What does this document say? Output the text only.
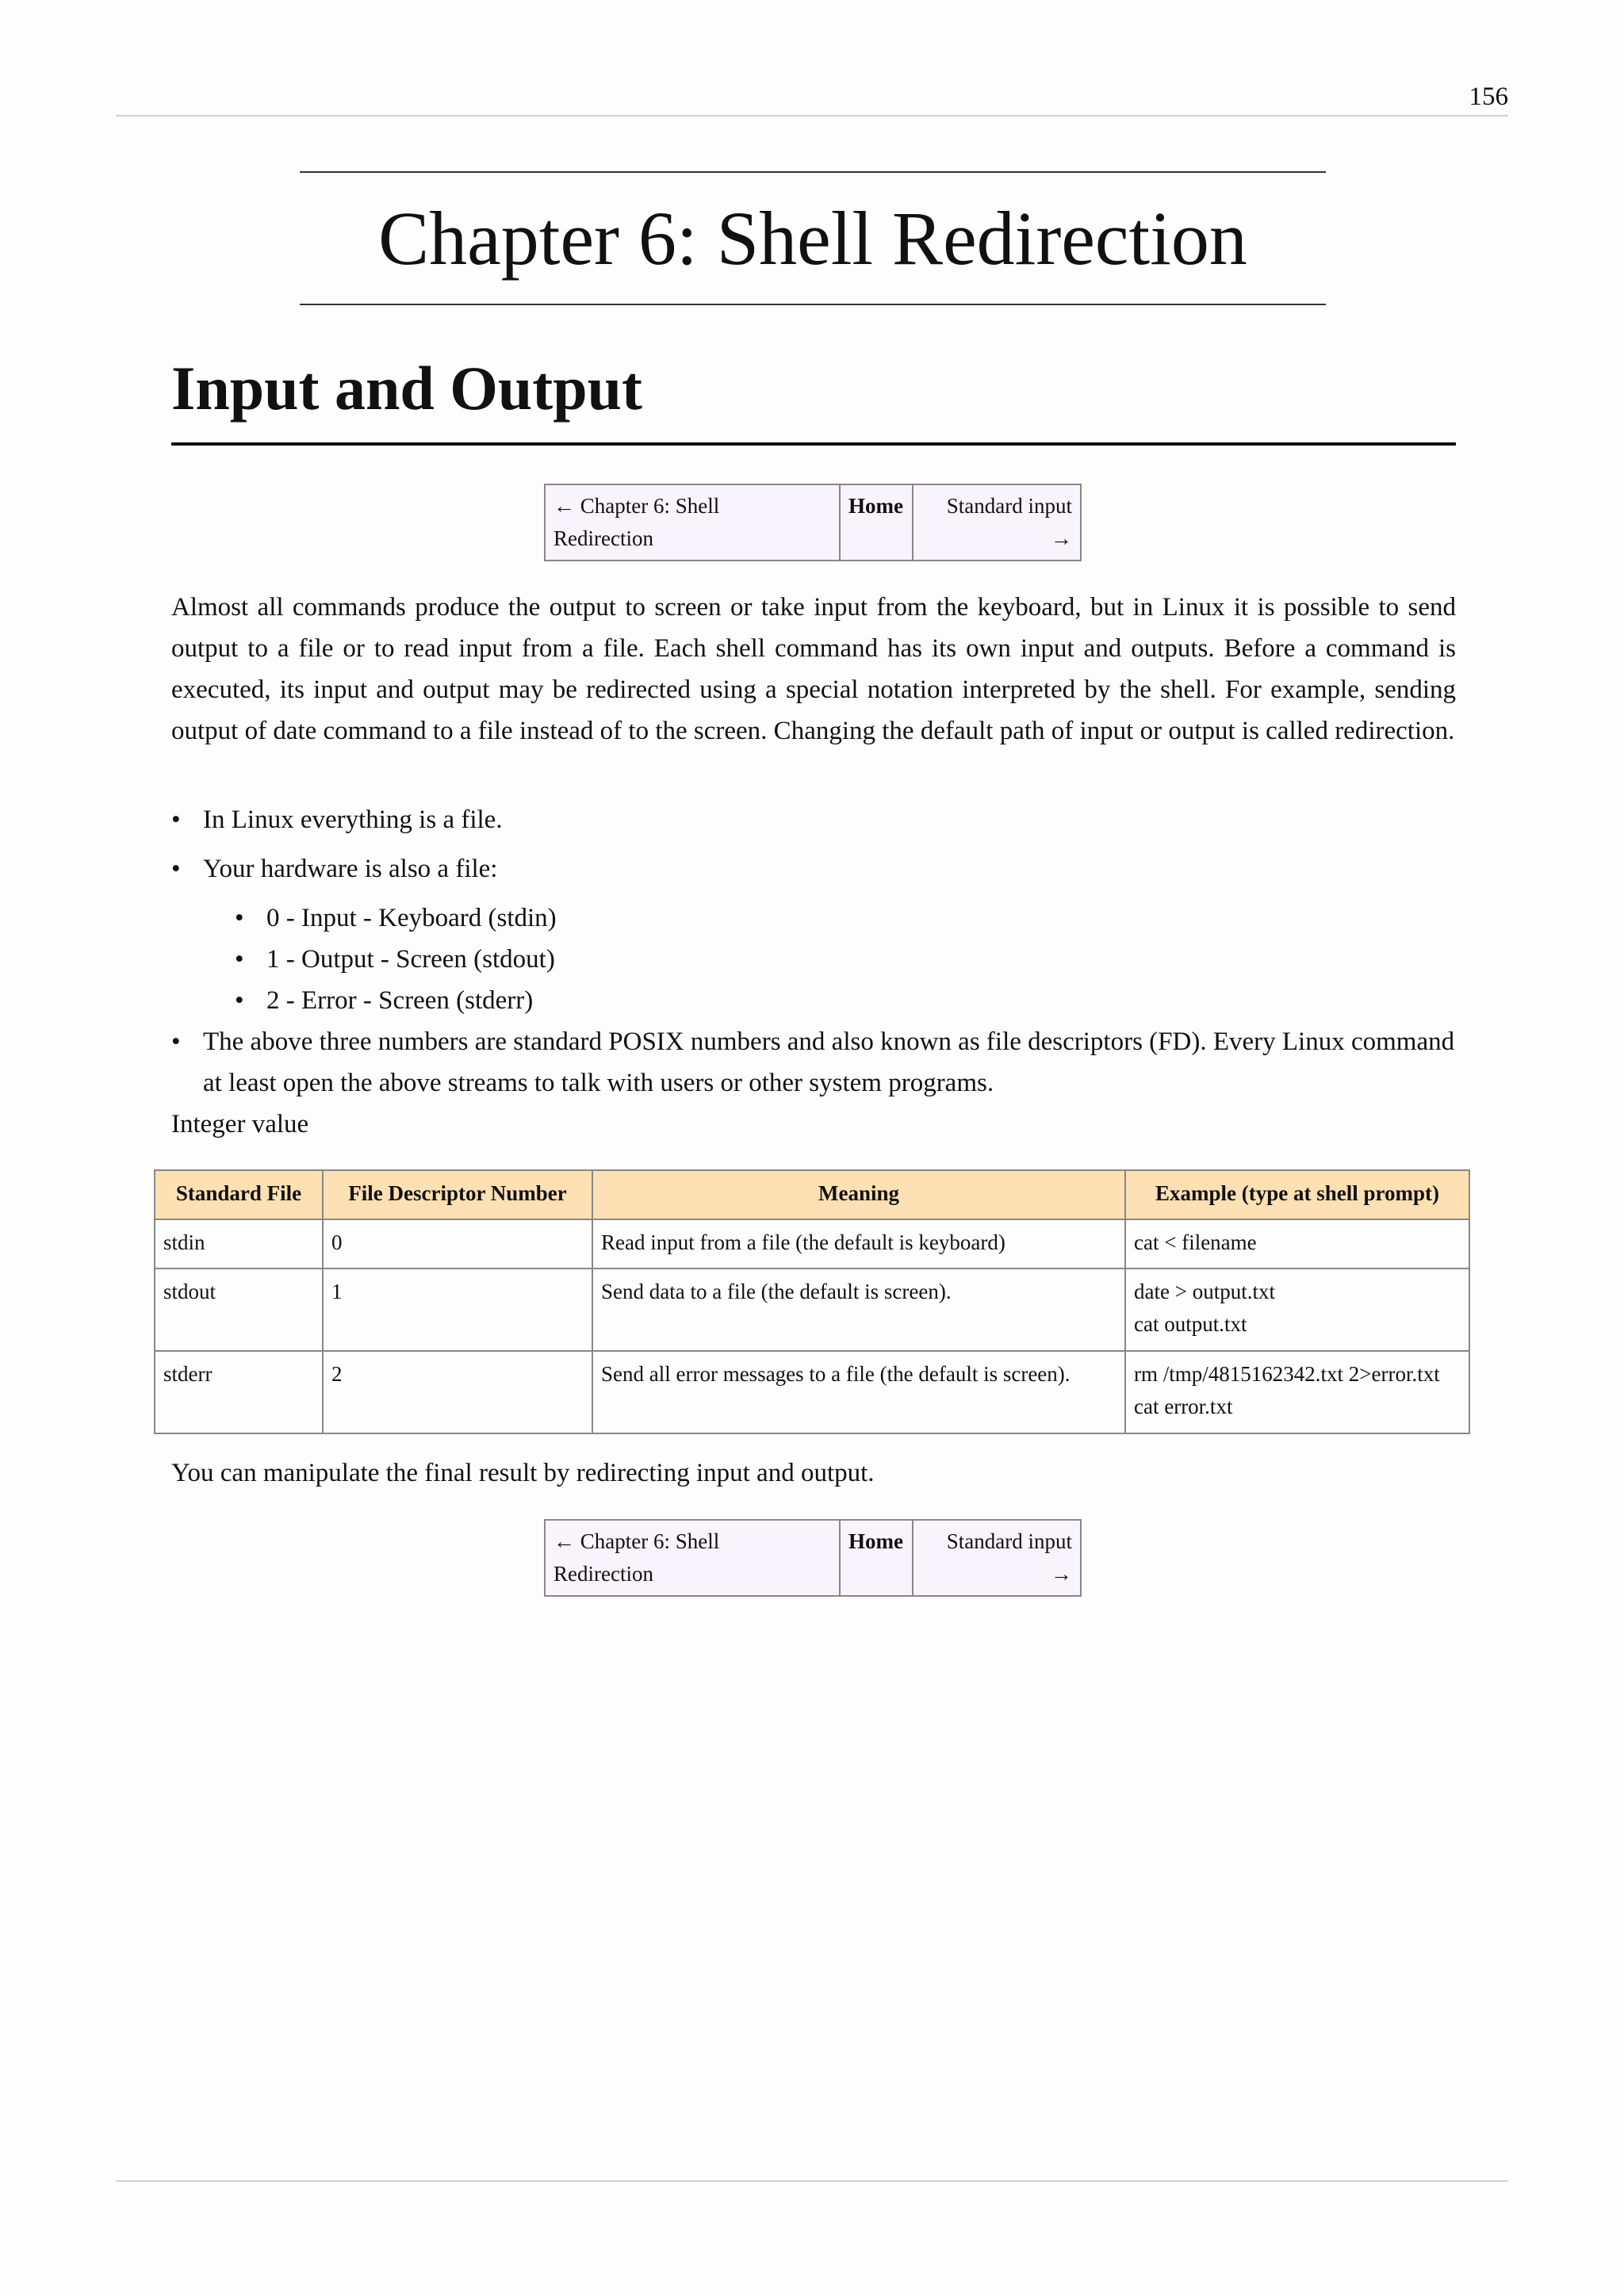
156
Chapter 6: Shell Redirection
Input and Output
← Chapter 6: Shell
Redirection
	Home	Standard input
→
Almost all commands produce the output to screen or take input from the keyboard, but in Linux it is possible to send output to a file or to read input from a file. Each shell command has its own input and outputs. Before a command is executed, its input and output may be redirected using a special notation interpreted by the shell. For example, sending output of date command to a file instead of to the screen. Changing the default path of input or output is called redirection.
• In Linux everything is a file.
• Your hardware is also a file:
• 0 - Input - Keyboard (stdin)
• 1 - Output - Screen (stdout)
• 2 - Error - Screen (stderr)
• The above three numbers are standard POSIX numbers and also known as file descriptors (FD). Every Linux command at least open the above streams to talk with users or other system programs.
Integer value
Standard File	File Descriptor Number	Meaning	Example (type at shell prompt)
stdin	0	Read input from a file (the default is keyboard)	cat < filename
stdout	1	Send data to a file (the default is screen).	date > output.txt
cat output.txt

stderr	2	Send all error messages to a file (the default is screen).	rm /tmp/4815162342.txt 2>error.txt
cat error.txt
You can manipulate the final result by redirecting input and output.
← Chapter 6: Shell
Redirection
	Home	Standard input
→
